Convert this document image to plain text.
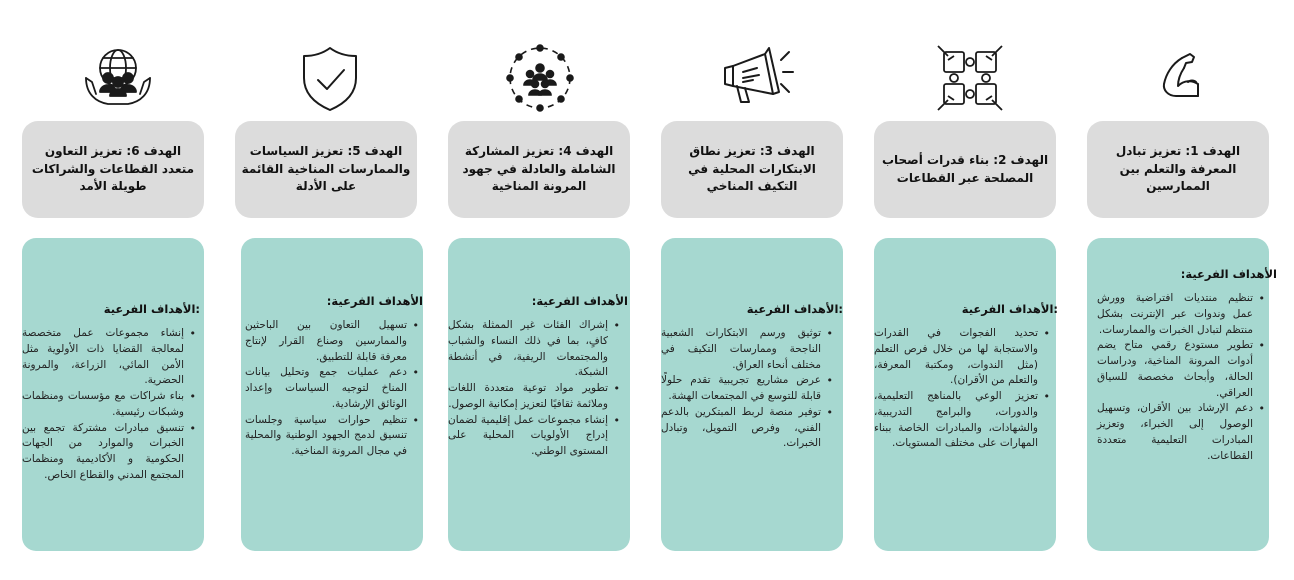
الهدف 1: تعزيز تبادل المعرفة والتعلم بين الممارسين
الهدف 2: بناء قدرات أصحاب المصلحة عبر القطاعات
الهدف 3: تعزيز نطاق الابتكارات المحلية في التكيف المناخي
الهدف 4: تعزيز المشاركة الشاملة والعادلة في جهود المرونة المناخية
الهدف 5: تعزيز السياسات والممارسات المناخية القائمة على الأدلة
الهدف 6: تعزيز التعاون متعدد القطاعات والشراكات طويلة الأمد
الأهداف الفرعية:
• تنظيم منتديات افتراضية وورش عمل وندوات عبر الإنترنت بشكل منتظم لتبادل الخبرات والممارسات.
• تطوير مستودع رقمي متاح يضم أدوات المرونة المناخية، ودراسات الحالة، وأبحاث مخصصة للسياق العراقي.
• دعم الإرشاد بين الأقران، وتسهيل الوصول إلى الخبراء، وتعزيز المبادرات التعليمية متعددة القطاعات.
:الأهداف الفرعية
• تحديد الفجوات في القدرات والاستجابة لها من خلال فرص التعلم (مثل الندوات، ومكتبة المعرفة، والتعلم من الأقران).
• تعزيز الوعي بالمناهج التعليمية، والدورات، والبرامج التدريبية، والشهادات، والمبادرات الخاصة ببناء المهارات على مختلف المستويات.
:الأهداف الفرعية
• توثيق ورسم الابتكارات الشعبية الناجحة وممارسات التكيف في مختلف أنحاء العراق.
• عرض مشاريع تجريبية تقدم حلولًا قابلة للتوسع في المجتمعات الهشة.
• توفير منصة لربط المبتكرين بالدعم الفني، وفرص التمويل، وتبادل الخبرات.
الأهداف الفرعية:
• إشراك الفئات غير الممثلة بشكل كافٍ، بما في ذلك النساء والشباب والمجتمعات الريفية، في أنشطة الشبكة.
• تطوير مواد توعية متعددة اللغات وملائمة ثقافيًا لتعزيز إمكانية الوصول.
• إنشاء مجموعات عمل إقليمية لضمان إدراج الأولويات المحلية على المستوى الوطني.
الأهداف الفرعية:
• تسهيل التعاون بين الباحثين والممارسين وصناع القرار لإنتاج معرفة قابلة للتطبيق.
• دعم عمليات جمع وتحليل بيانات المناخ لتوجيه السياسات وإعداد الوثائق الإرشادية.
• تنظيم حوارات سياسية وجلسات تنسيق لدمج الجهود الوطنية والمحلية في مجال المرونة المناخية.
:الأهداف الفرعية
• إنشاء مجموعات عمل متخصصة لمعالجة القضايا ذات الأولوية مثل الأمن المائي، الزراعة، والمرونة الحضرية.
• بناء شراكات مع مؤسسات ومنظمات وشبكات رئيسية.
• تنسيق مبادرات مشتركة تجمع بين الخبرات والموارد من الجهات الحكومية و الأكاديمية ومنظمات المجتمع المدني والقطاع الخاص.
